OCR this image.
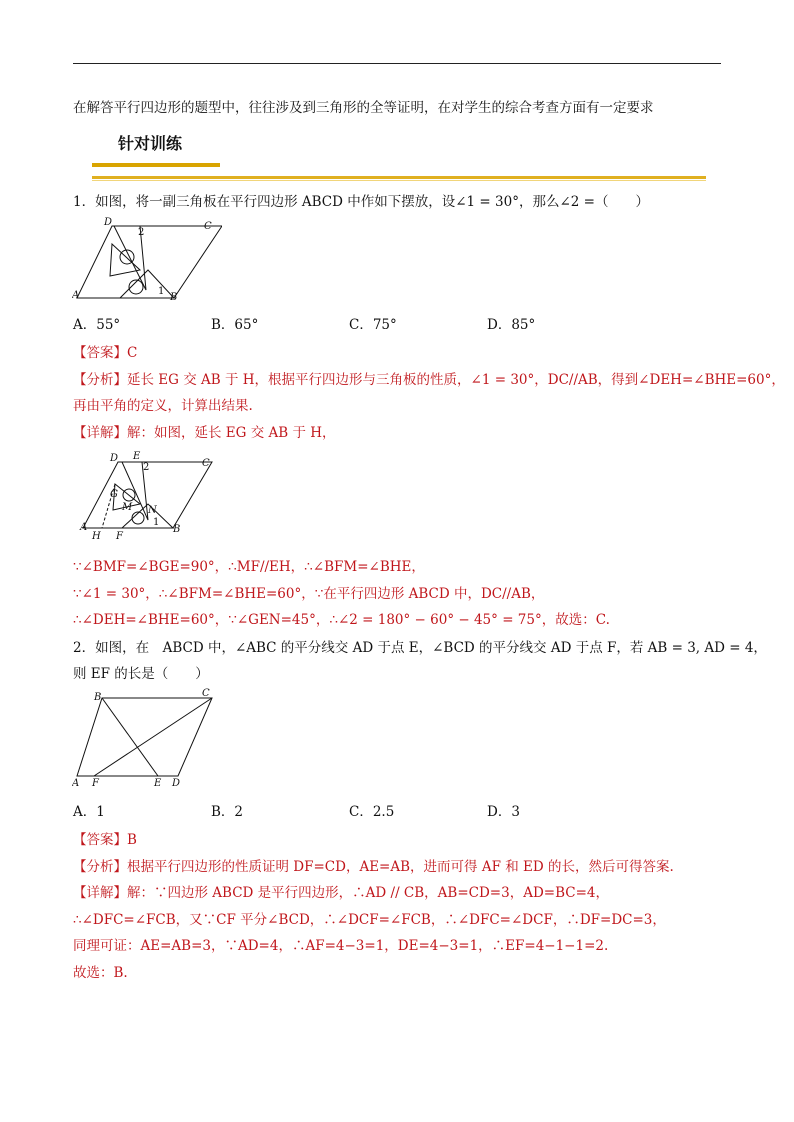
在解答平行四边形的题型中，往往涉及到三角形的全等证明，在对学生的综合考查方面有一定要求
针对训练
1．如图，将一副三角板在平行四边形 ABCD 中作如下摆放，设∠1 = 30°，那么∠2 =（　　）
D	C
A	B
2
1
A．55°	B．65°	C．75°	D．85°
【答案】C
【分析】延长 EG 交 AB 于 H，根据平行四边形与三角板的性质，∠1 = 30°，DC//AB，得到∠DEH=∠BHE=60°，
再由平角的定义，计算出结果.
【详解】解：如图，延长 EG 交 AB 于 H，
D E
C
G
M N
A
H F
B
2
1
∵∠BMF=∠BGE=90°，∴MF//EH，∴∠BFM=∠BHE，
∵∠1 = 30°，∴∠BFM=∠BHE=60°，∵在平行四边形 ABCD 中，DC//AB，
∴∠DEH=∠BHE=60°，∵∠GEN=45°，∴∠2 = 180° − 60° − 45° = 75°，故选：C.
2．如图，在　ABCD 中，∠ABC 的平分线交 AD 于点 E，∠BCD 的平分线交 AD 于点 F，若 AB = 3, AD = 4，
则 EF 的长是（　　）
B	C
A F	E D
A．1	B．2	C．2.5	D．3
【答案】B
【分析】根据平行四边形的性质证明 DF=CD，AE=AB，进而可得 AF 和 ED 的长，然后可得答案.
【详解】解：∵四边形 ABCD 是平行四边形，∴AD // CB，AB=CD=3，AD=BC=4，
∴∠DFC=∠FCB，又∵CF 平分∠BCD，∴∠DCF=∠FCB，∴∠DFC=∠DCF，∴DF=DC=3，
同理可证：AE=AB=3，∵AD=4，∴AF=4−3=1，DE=4−3=1，∴EF=4−1−1=2.
故选：B.
